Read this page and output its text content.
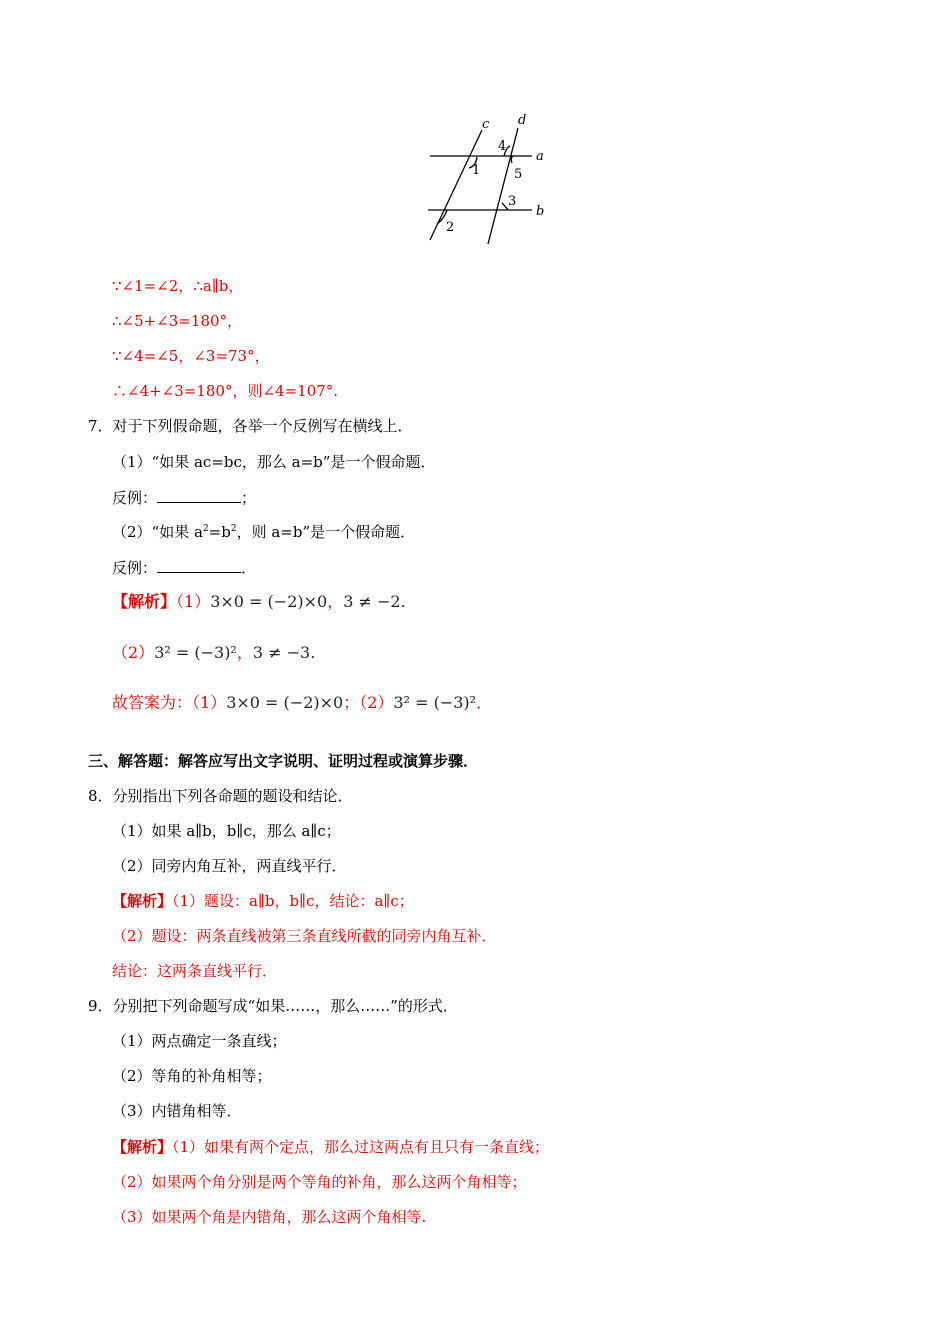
c d
a
b
1
2
3
4
5
∵∠1=∠2，∴a∥b，
∴∠5+∠3=180°，
∵∠4=∠5，∠3=73°，
∴∠4+∠3=180°，则∠4=107°.
7．对于下列假命题，各举一个反例写在横线上．
（1）“如果 ac=bc，那么 a=b”是一个假命题．
反例：	；
（2）“如果 $a^2=b^2$，则 a=b”是一个假命题．
反例：	．
【解析】（1）3×0 = (−2)×0，3 ≠ −2.
（2）3² = (−3)²，3 ≠ −3.
故答案为：（1）3×0 = (−2)×0；（2）3² = (−3)²．
三、解答题：解答应写出文字说明、证明过程或演算步骤．
8．分别指出下列各命题的题设和结论．
（1）如果 a∥b，b∥c，那么 a∥c；
（2）同旁内角互补，两直线平行．
【解析】（1）题设：a∥b，b∥c，结论：a∥c；
（2）题设：两条直线被第三条直线所截的同旁内角互补．
结论：这两条直线平行．
9．分别把下列命题写成“如果……，那么……”的形式．
（1）两点确定一条直线；
（2）等角的补角相等；
（3）内错角相等．
【解析】（1）如果有两个定点，那么过这两点有且只有一条直线；
（2）如果两个角分别是两个等角的补角，那么这两个角相等；
（3）如果两个角是内错角，那么这两个角相等.
